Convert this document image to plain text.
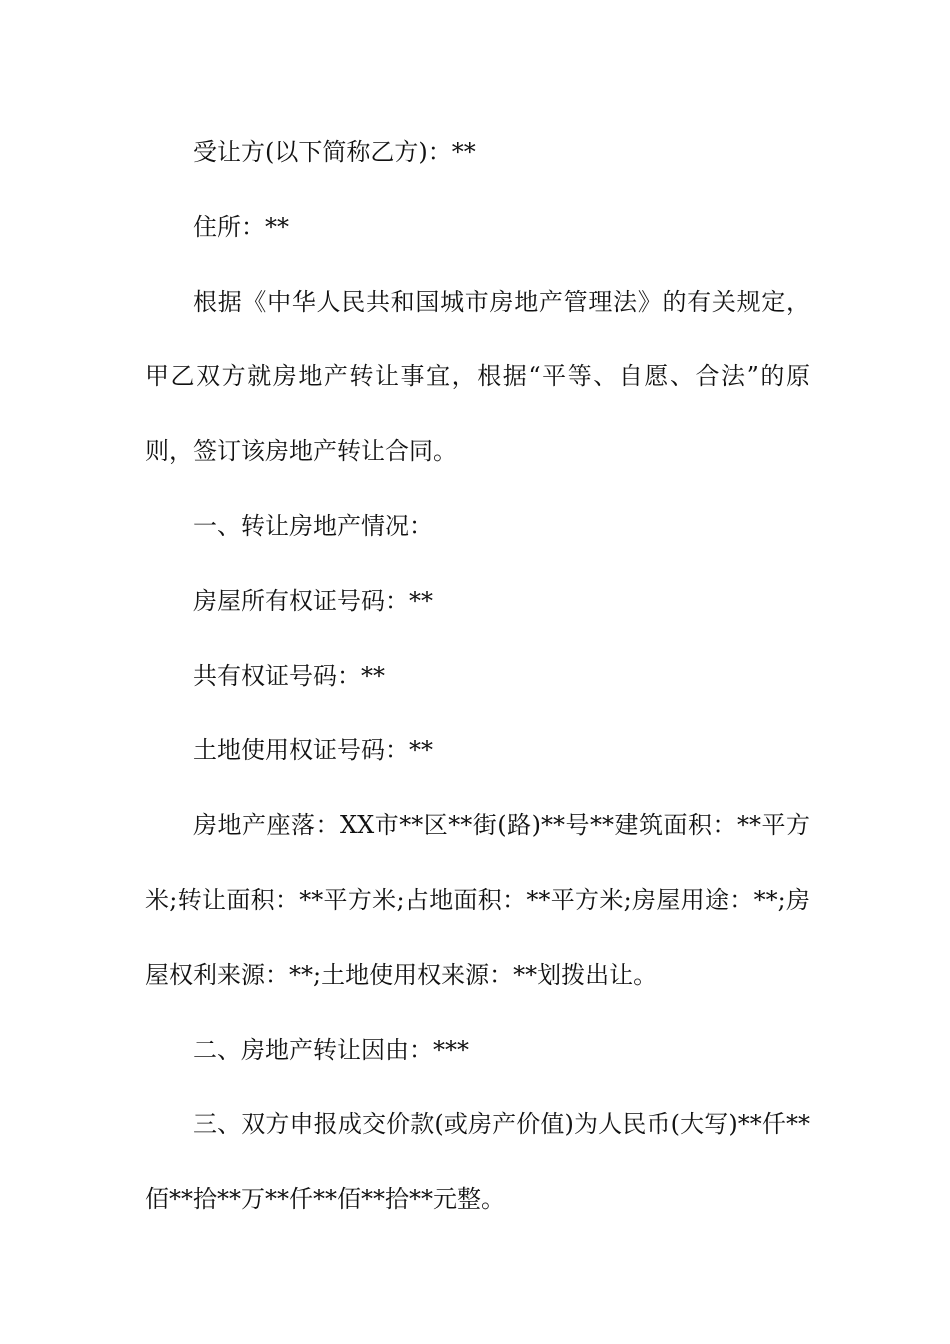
受让方(以下简称乙方)：**

住所：**

根据《中华人民共和国城市房地产管理法》的有关规定，甲乙双方就房地产转让事宜，根据“平等、自愿、合法”的原则，签订该房地产转让合同。

一、转让房地产情况：

房屋所有权证号码：**

共有权证号码：**

土地使用权证号码：**

房地产座落：XX市**区**街(路)**号**建筑面积：**平方米;转让面积：**平方米;占地面积：**平方米;房屋用途：**;房屋权利来源：**;土地使用权来源：**划拨出让。

二、房地产转让因由：***

三、双方申报成交价款(或房产价值)为人民币(大写)**仟**佰**拾**万**仟**佰**拾**元整。
